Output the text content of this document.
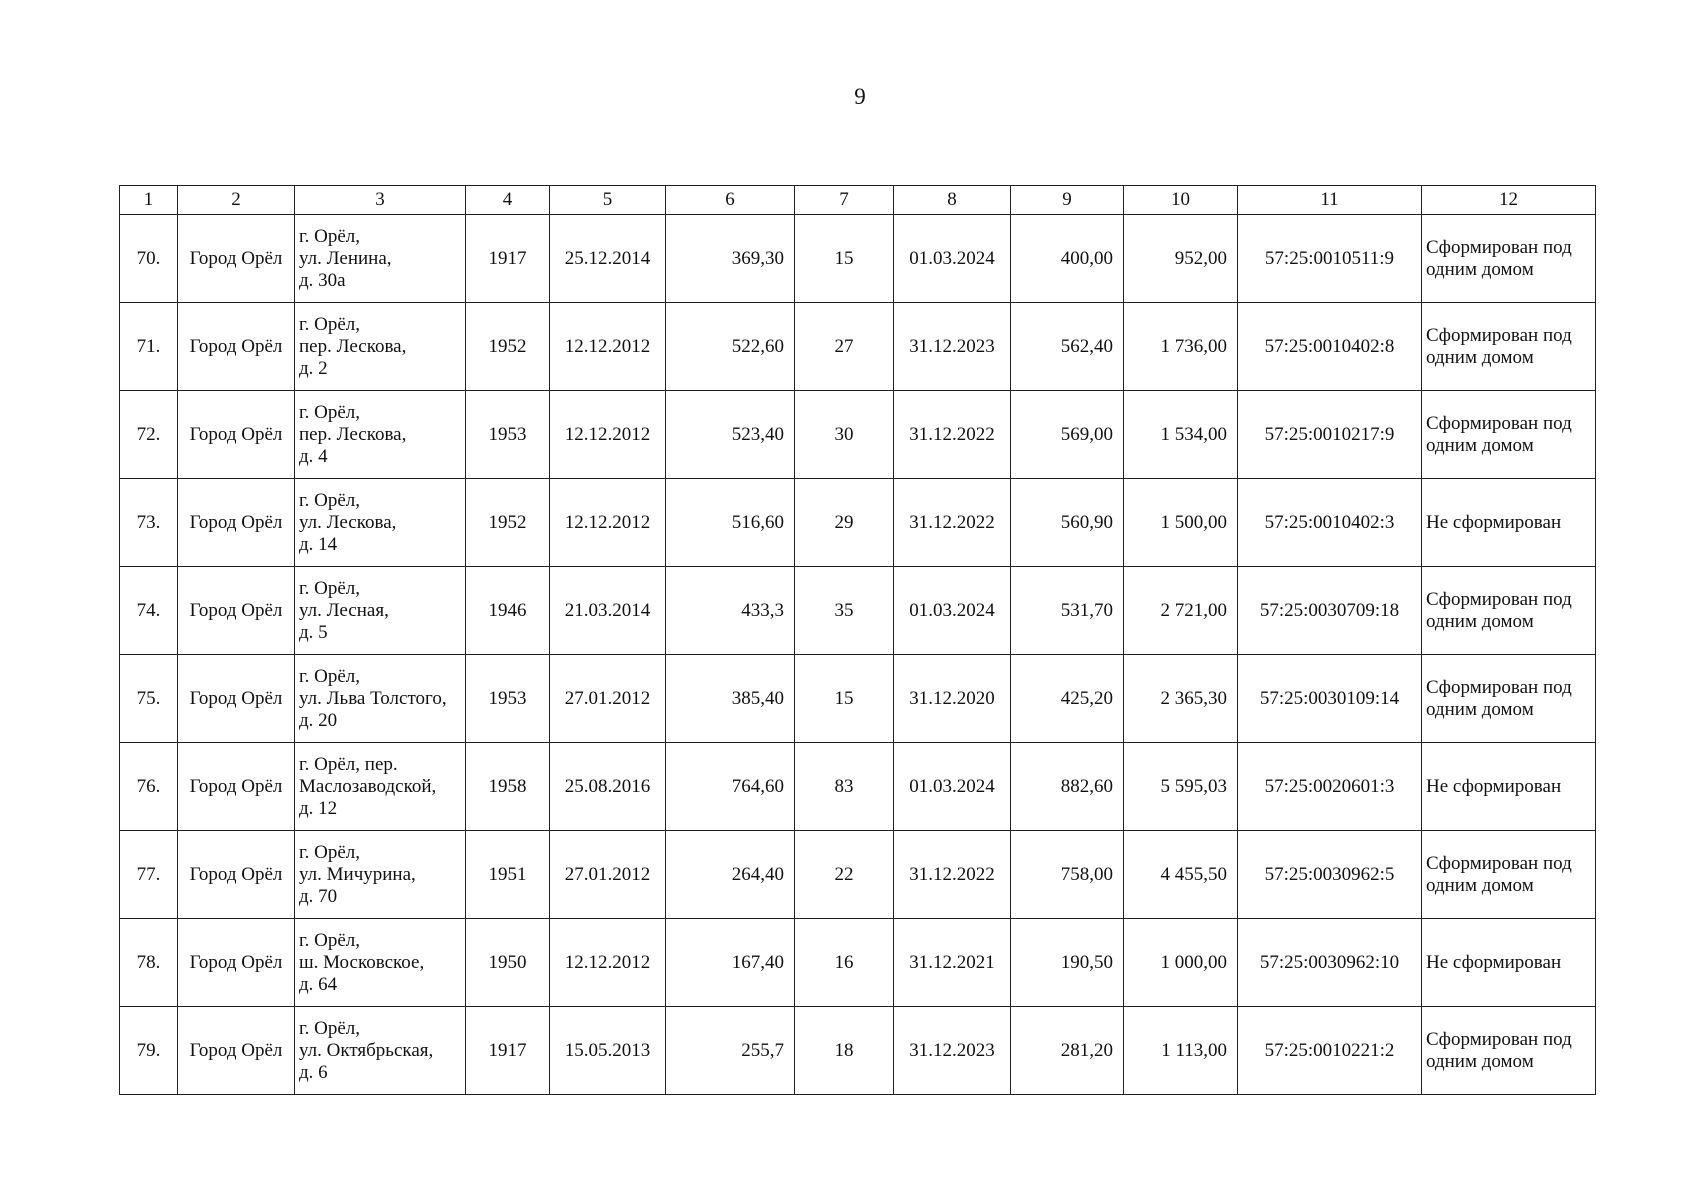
9
1	2	3	4	5	6	7	8	9	10	11	12
70.	Город Орёл	г. Орёл,
ул. Ленина,
д. 30а	1917	25.12.2014	369,30	15	01.03.2024	400,00	952,00	57:25:0010511:9	Сформирован под
одним домом

71.	Город Орёл	г. Орёл,
пер. Лескова,
д. 2	1952	12.12.2012	522,60	27	31.12.2023	562,40	1 736,00	57:25:0010402:8	Сформирован под
одним домом

72.	Город Орёл	г. Орёл,
пер. Лескова,
д. 4	1953	12.12.2012	523,40	30	31.12.2022	569,00	1 534,00	57:25:0010217:9	Сформирован под
одним домом

73.	Город Орёл	г. Орёл,
ул. Лескова,
д. 14	1952	12.12.2012	516,60	29	31.12.2022	560,90	1 500,00	57:25:0010402:3	Не сформирован

74.	Город Орёл	г. Орёл,
ул. Лесная,
д. 5	1946	21.03.2014	433,3	35	01.03.2024	531,70	2 721,00	57:25:0030709:18	Сформирован под
одним домом

75.	Город Орёл	г. Орёл,
ул. Льва Толстого,
д. 20	1953	27.01.2012	385,40	15	31.12.2020	425,20	2 365,30	57:25:0030109:14	Сформирован под
одним домом

76.	Город Орёл	г. Орёл, пер.
Маслозаводской,
д. 12	1958	25.08.2016	764,60	83	01.03.2024	882,60	5 595,03	57:25:0020601:3	Не сформирован

77.	Город Орёл	г. Орёл,
ул. Мичурина,
д. 70	1951	27.01.2012	264,40	22	31.12.2022	758,00	4 455,50	57:25:0030962:5	Сформирован под
одним домом

78.	Город Орёл	г. Орёл,
ш. Московское,
д. 64	1950	12.12.2012	167,40	16	31.12.2021	190,50	1 000,00	57:25:0030962:10	Не сформирован

79.	Город Орёл	г. Орёл,
ул. Октябрьская,
д. 6	1917	15.05.2013	255,7	18	31.12.2023	281,20	1 113,00	57:25:0010221:2	Сформирован под
одним домом
